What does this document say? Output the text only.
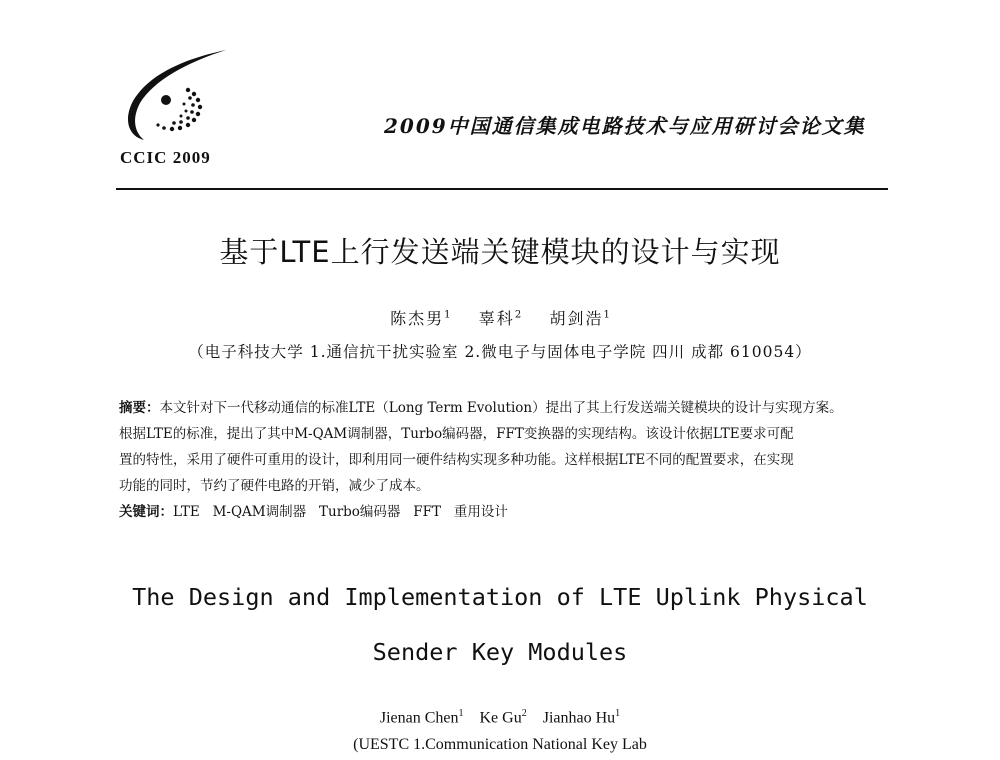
CCIC 2009
2009中国通信集成电路技术与应用研讨会论文集
基于LTE上行发送端关键模块的设计与实现
陈杰男$^1$ 辜科$^2$ 胡剑浩$^1$
（电子科技大学 1.通信抗干扰实验室 2.微电子与固体电子学院 四川 成都 610054）
摘要：本文针对下一代移动通信的标准LTE（Long Term Evolution）提出了其上行发送端关键模块的设计与实现方案。
根据LTE的标准，提出了其中M-QAM调制器，Turbo编码器，FFT变换器的实现结构。该设计依据LTE要求可配
置的特性，采用了硬件可重用的设计，即利用同一硬件结构实现多种功能。这样根据LTE不同的配置要求，在实现
功能的同时，节约了硬件电路的开销，减少了成本。
关键词：LTE   M-QAM调制器   Turbo编码器   FFT   重用设计
The Design and Implementation of LTE Uplink Physical
Sender Key Modules
Jienan Chen$^1$ Ke Gu$^2$ Jianhao Hu$^1$
(UESTC 1.Communication National Key Lab
